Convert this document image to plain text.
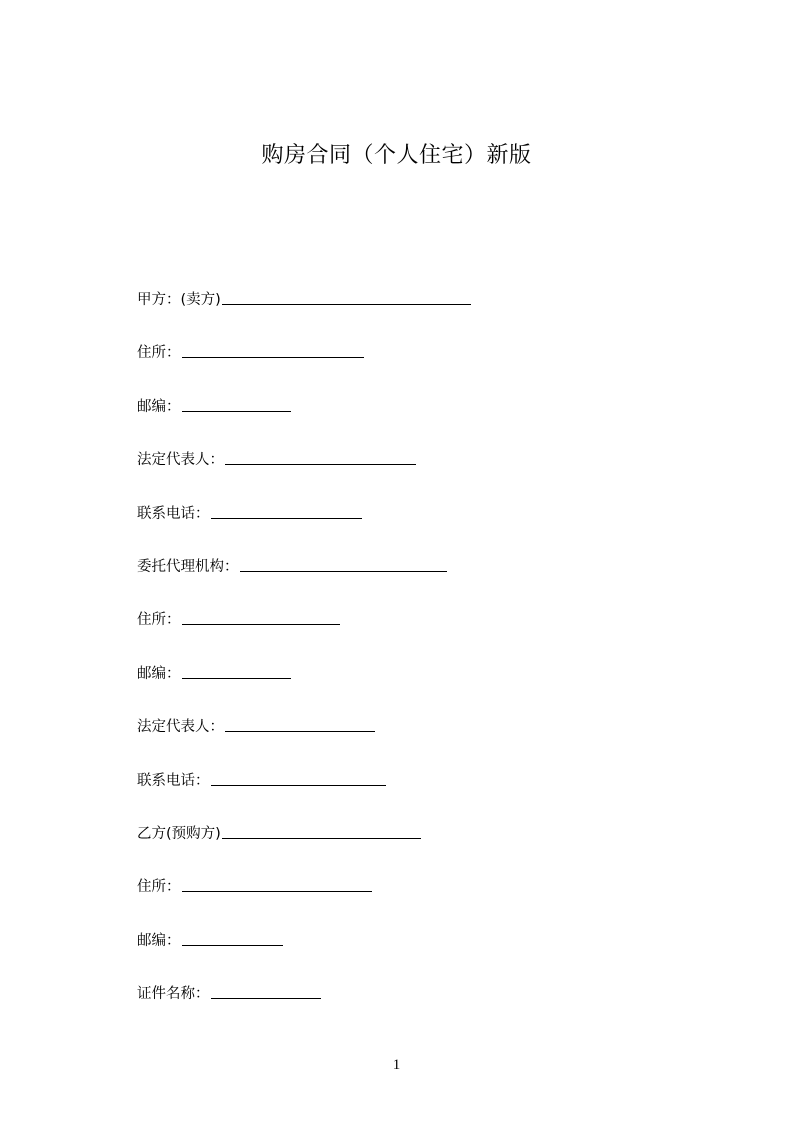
购房合同（个人住宅）新版
甲方：(卖方)
住所：
邮编：
法定代表人：
联系电话：
委托代理机构：
住所：
邮编：
法定代表人：
联系电话：
乙方(预购方)
住所：
邮编：
证件名称：
1
